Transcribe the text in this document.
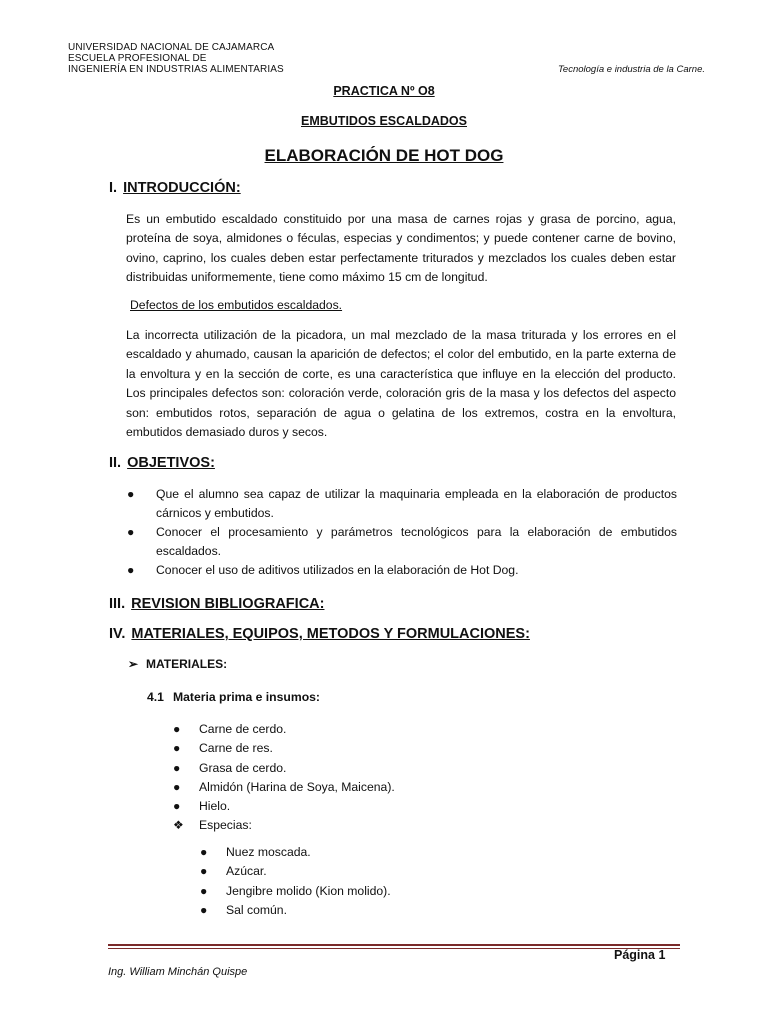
UNIVERSIDAD NACIONAL DE CAJAMARCA
ESCUELA PROFESIONAL DE
INGENIERÍA EN INDUSTRIAS ALIMENTARIAS	Tecnología e industria de la Carne.
PRACTICA Nº O8
EMBUTIDOS ESCALDADOS
ELABORACIÓN DE HOT DOG
I. INTRODUCCIÓN:
Es un embutido escaldado constituido por una masa de carnes rojas y grasa de porcino, agua, proteína de soya, almidones o féculas, especias y condimentos; y puede contener carne de bovino, ovino, caprino, los cuales deben estar perfectamente triturados y mezclados los cuales deben estar distribuidas uniformemente, tiene como máximo 15 cm de longitud.
Defectos de los embutidos escaldados.
La incorrecta utilización de la picadora, un mal mezclado de la masa triturada y los errores en el escaldado y ahumado, causan la aparición de defectos; el color del embutido, en la parte externa de la envoltura y en la sección de corte, es una característica que influye en la elección del producto. Los principales defectos son: coloración verde, coloración gris de la masa y los defectos del aspecto son: embutidos rotos, separación de agua o gelatina de los extremos, costra en la envoltura, embutidos demasiado duros y secos.
II. OBJETIVOS:
● Que el alumno sea capaz de utilizar la maquinaria empleada en la elaboración de productos cárnicos y embutidos.
● Conocer el procesamiento y parámetros tecnológicos para la elaboración de embutidos escaldados.
● Conocer el uso de aditivos utilizados en la elaboración de Hot Dog.
III. REVISION BIBLIOGRAFICA:
IV. MATERIALES, EQUIPOS, METODOS Y FORMULACIONES:
➢ MATERIALES:
4.1 Materia prima e insumos:
● Carne de cerdo.
● Carne de res.
● Grasa de cerdo.
● Almidón (Harina de Soya, Maicena).
● Hielo.
❖ Especias:
● Nuez moscada.
● Azúcar.
● Jengibre molido (Kion molido).
● Sal común.
Página 1
Ing. William Minchán Quispe
